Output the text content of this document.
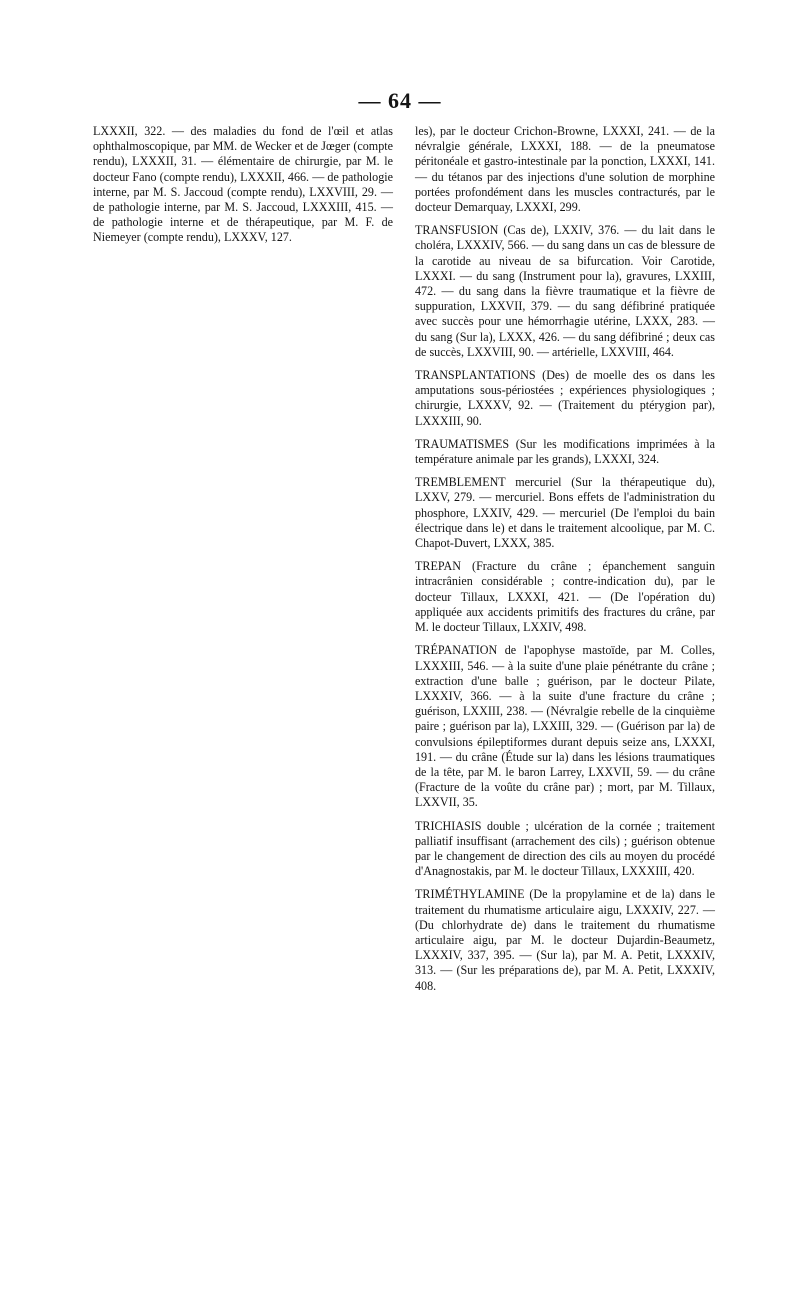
— 64 —

LXXXII, 322. — des maladies du fond de l'œil et atlas ophthalmoscopique, par MM. de Wecker et de Jœger (compte rendu), LXXXII, 31. — élémentaire de chirurgie, par M. le docteur Fano (compte rendu), LXXXII, 466. — de pathologie interne, par M. S. Jaccoud (compte rendu), LXXVIII, 29. — de pathologie interne, par M. S. Jaccoud, LXXXIII, 415. — de pathologie interne et de thérapeutique, par M. F. de Niemeyer (compte rendu), LXXXV, 127.

les), par le docteur Crichon-Browne, LXXXI, 241. — de la névralgie générale, LXXXI, 188. — de la pneumatose péritonéale et gastro-intestinale par la ponction, LXXXI, 141. — du tétanos par des injections d'une solution de morphine portées profondément dans les muscles contracturés, par le docteur Demarquay, LXXXI, 299.

TRANSFUSION (Cas de), LXXIV, 376. — du lait dans le choléra, LXXXIV, 566. — du sang dans un cas de blessure de la carotide au niveau de sa bifurcation. Voir Carotide, LXXXI. — du sang (Instrument pour la), gravures, LXXIII, 472. — du sang dans la fièvre traumatique et la fièvre de suppuration, LXXVII, 379. — du sang défibriné pratiquée avec succès pour une hémorrhagie utérine, LXXX, 283. — du sang (Sur la), LXXX, 426. — du sang défibriné ; deux cas de succès, LXXVIII, 90. — artérielle, LXXVIII, 464.

TRANSPLANTATIONS (Des) de moelle des os dans les amputations sous-périostées ; expériences physiologiques ; chirurgie, LXXXV, 92. — (Traitement du ptérygion par), LXXXIII, 90.

TRAUMATISMES (Sur les modifications imprimées à la température animale par les grands), LXXXI, 324.

TREMBLEMENT mercuriel (Sur la thérapeutique du), LXXV, 279. — mercuriel. Bons effets de l'administration du phosphore, LXXIV, 429. — mercuriel (De l'emploi du bain électrique dans le) et dans le traitement alcoolique, par M. C. Chapot-Duvert, LXXX, 385.

TREPAN (Fracture du crâne ; épanchement sanguin intracrânien considérable ; contre-indication du), par le docteur Tillaux, LXXXI, 421. — (De l'opération du) appliquée aux accidents primitifs des fractures du crâne, par M. le docteur Tillaux, LXXIV, 498.

TRÉPANATION de l'apophyse mastoïde, par M. Colles, LXXXIII, 546. — à la suite d'une plaie pénétrante du crâne ; extraction d'une balle ; guérison, par le docteur Pilate, LXXXIV, 366. — à la suite d'une fracture du crâne ; guérison, LXXIII, 238. — (Névralgie rebelle de la cinquième paire ; guérison par la), LXXIII, 329. — (Guérison par la) de convulsions épileptiformes durant depuis seize ans, LXXXI, 191. — du crâne (Étude sur la) dans les lésions traumatiques de la tête, par M. le baron Larrey, LXXVII, 59. — du crâne (Fracture de la voûte du crâne par) ; mort, par M. Tillaux, LXXVII, 35.

TRICHIASIS double ; ulcération de la cornée ; traitement palliatif insuffisant (arrachement des cils) ; guérison obtenue par le changement de direction des cils au moyen du procédé d'Anagnostakis, par M. le docteur Tillaux, LXXXIII, 420.

TRIMÉTHYLAMINE (De la propylamine et de la) dans le traitement du rhumatisme articulaire aigu, LXXXIV, 227. — (Du chlorhydrate de) dans le traitement du rhumatisme articulaire aigu, par M. le docteur Dujardin-Beaumetz, LXXXIV, 337, 395. — (Sur la), par M. A. Petit, LXXXIV, 313. — (Sur les préparations de), par M. A. Petit, LXXXIV, 408.
